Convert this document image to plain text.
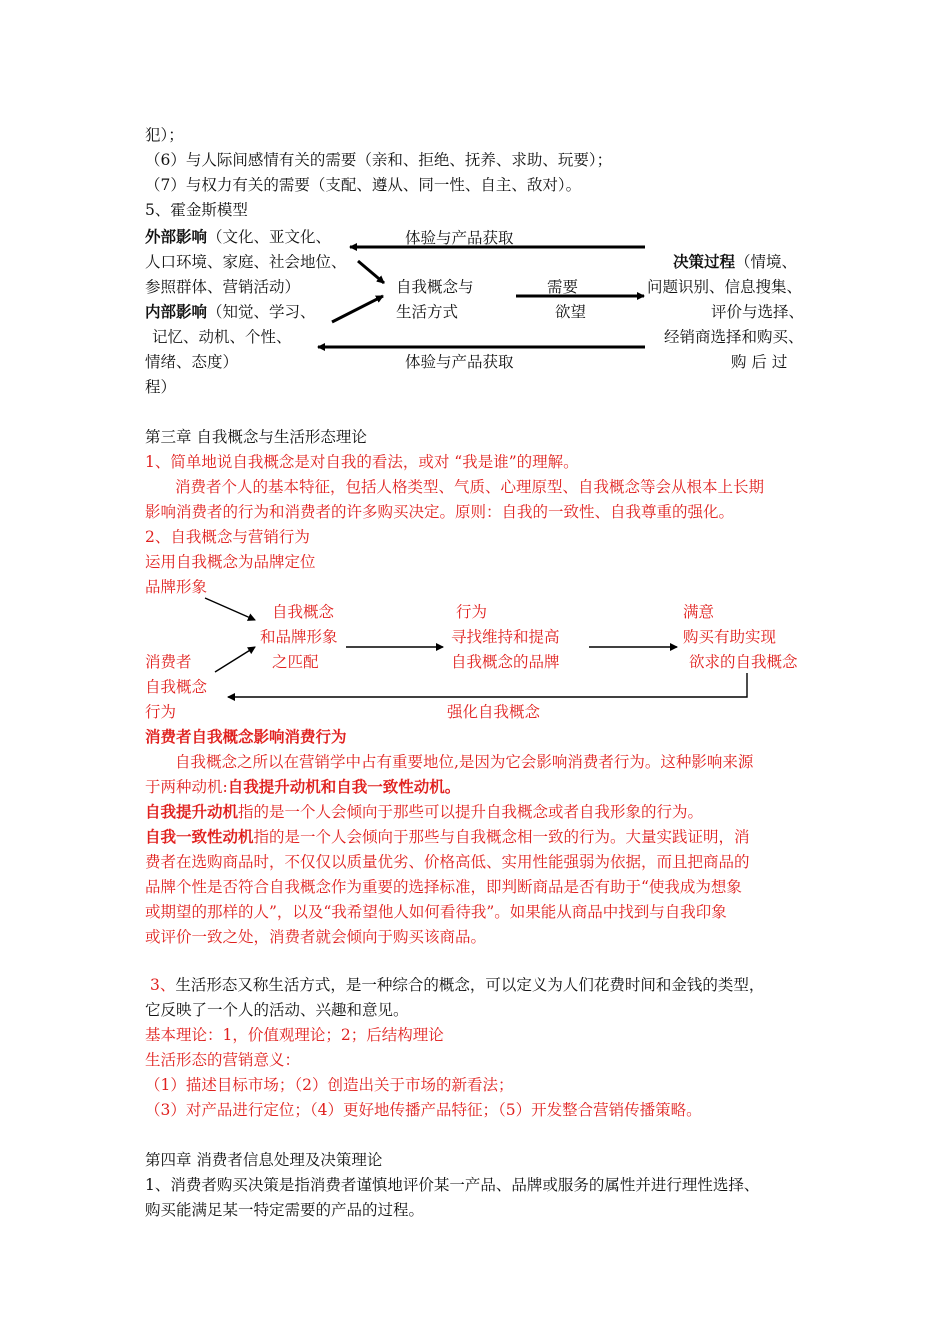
犯）；
（6）与人际间感情有关的需要（亲和、拒绝、抚养、求助、玩要）；
（7）与权力有关的需要（支配、遵从、同一性、自主、敌对）。
5、霍金斯模型
外部影响（文化、亚文化、
人口环境、家庭、社会地位、
参照群体、营销活动）
内部影响（知觉、学习、
记忆、动机、个性、
情绪、态度）
程）
体验与产品获取
体验与产品获取
自我概念与
生活方式
需要
欲望
决策过程（情境、
问题识别、信息搜集、
评价与选择、
经销商选择和购买、
购 后 过
第三章 自我概念与生活形态理论
1、简单地说自我概念是对自我的看法，或对 “我是谁”的理解。
消费者个人的基本特征，包括人格类型、气质、心理原型、自我概念等会从根本上长期
影响消费者的行为和消费者的许多购买决定。原则：自我的一致性、自我尊重的强化。
2、自我概念与营销行为
运用自我概念为品牌定位
品牌形象
自我概念
和品牌形象
之匹配
行为
寻找维持和提高
自我概念的品牌
满意
购买有助实现
欲求的自我概念
消费者
自我概念
行为	强化自我概念
消费者自我概念影响消费行为
自我概念之所以在营销学中占有重要地位,是因为它会影响消费者行为。这种影响来源
于两种动机:自我提升动机和自我一致性动机。
自我提升动机指的是一个人会倾向于那些可以提升自我概念或者自我形象的行为。
自我一致性动机指的是一个人会倾向于那些与自我概念相一致的行为。大量实践证明，消
费者在选购商品时，不仅仅以质量优劣、价格高低、实用性能强弱为依据，而且把商品的
品牌个性是否符合自我概念作为重要的选择标准，即判断商品是否有助于“使我成为想象
或期望的那样的人”，以及“我希望他人如何看待我”。如果能从商品中找到与自我印象
或评价一致之处，消费者就会倾向于购买该商品。
3、生活形态又称生活方式，是一种综合的概念，可以定义为人们花费时间和金钱的类型，
它反映了一个人的活动、兴趣和意见。
基本理论：1，价值观理论；2；后结构理论
生活形态的营销意义：
（1）描述目标市场；（2）创造出关于市场的新看法；
（3）对产品进行定位；（4）更好地传播产品特征；（5）开发整合营销传播策略。
第四章 消费者信息处理及决策理论
1、消费者购买决策是指消费者谨慎地评价某一产品、品牌或服务的属性并进行理性选择、
购买能满足某一特定需要的产品的过程。
